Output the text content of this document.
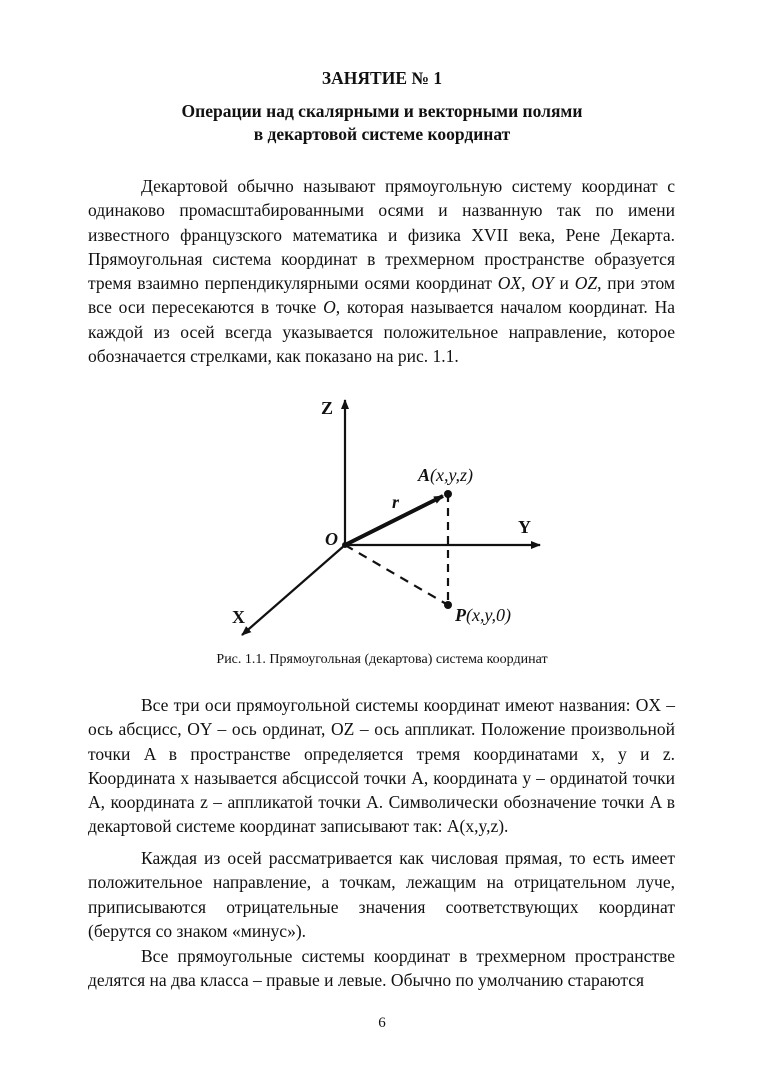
ЗАНЯТИЕ № 1
Операции над скалярными и векторными полями
в декартовой системе координат

Декартовой обычно называют прямоугольную систему координат с одинаково промасштабированными осями и названную так по имени известного французского математика и физика XVII века, Рене Декарта. Прямоугольная система координат в трехмерном пространстве образуется тремя взаимно перпендикулярными осями координат OX, OY и OZ, при этом все оси пересекаются в точке O, которая называется началом координат. На каждой из осей всегда указывается положительное направление, которое обозначается стрелками, как показано на рис. 1.1.

Z
Y
X
O
r
A(x,y,z)
P(x,y,0)
Рис. 1.1. Прямоугольная (декартова) система координат

Все три оси прямоугольной системы координат имеют названия: OX – ось абсцисс, OY – ось ординат, OZ – ось аппликат. Положение произвольной точки A в пространстве определяется тремя координатами x, y и z. Координата x называется абсциссой точки A, координата y – ординатой точки A, координата z – аппликатой точки A. Символически обозначение точки A в декартовой системе координат записывают так: A(x,y,z).

Каждая из осей рассматривается как числовая прямая, то есть имеет положительное направление, а точкам, лежащим на отрицательном луче, приписываются отрицательные значения соответствующих координат (берутся со знаком «минус»).

Все прямоугольные системы координат в трехмерном пространстве делятся на два класса – правые и левые. Обычно по умолчанию стараются

6
